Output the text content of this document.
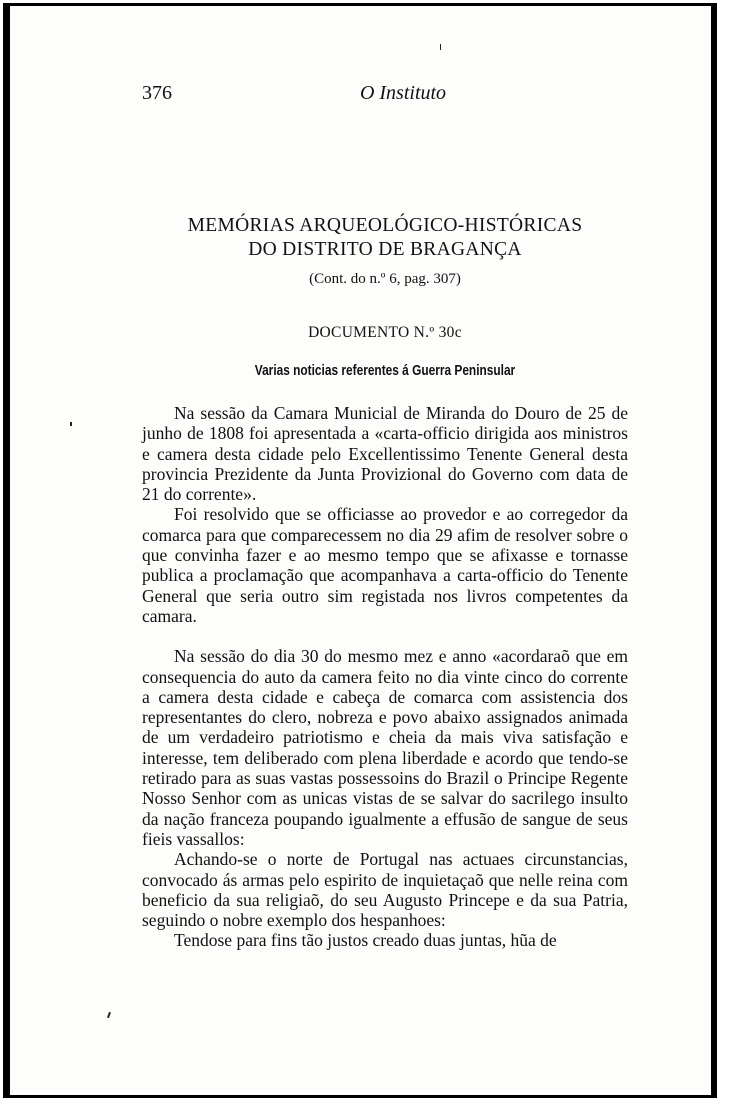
376	O Instituto
MEMÓRIAS ARQUEOLÓGICO-HISTÓRICAS
DO DISTRITO DE BRAGANÇA
(Cont. do n.º 6, pag. 307)
DOCUMENTO N.º 30c
Varias noticias referentes á Guerra Peninsular

Na sessão da Camara Municial de Miranda do Douro de 25 de junho de 1808 foi apresentada a «carta-officio dirigida aos ministros e camera desta cidade pelo Excellentissimo Tenente General desta provincia Prezidente da Junta Provizional do Governo com data de 21 do corrente».

Foi resolvido que se officiasse ao provedor e ao corregedor da comarca para que comparecessem no dia 29 afim de resolver sobre o que convinha fazer e ao mesmo tempo que se afixasse e tornasse publica a proclamação que acompanhava a carta-officio do Tenente General que seria outro sim registada nos livros competentes da camara.

Na sessão do dia 30 do mesmo mez e anno «acordaraõ que em consequencia do auto da camera feito no dia vinte cinco do corrente a camera desta cidade e cabeça de comarca com assistencia dos representantes do clero, nobreza e povo abaixo assignados animada de um verdadeiro patriotismo e cheia da mais viva satisfação e interesse, tem deliberado com plena liberdade e acordo que tendo-se retirado para as suas vastas possessoins do Brazil o Principe Regente Nosso Senhor com as unicas vistas de se salvar do sacrilego insulto da nação franceza poupando igualmente a effusão de sangue de seus fieis vassallos:

Achando-se o norte de Portugal nas actuaes circunstancias, convocado ás armas pelo espirito de inquietaçaõ que nelle reina com beneficio da sua religiaõ, do seu Augusto Princepe e da sua Patria, seguindo o nobre exemplo dos hespanhoes:

Tendose para fins tão justos creado duas juntas, hũa de
